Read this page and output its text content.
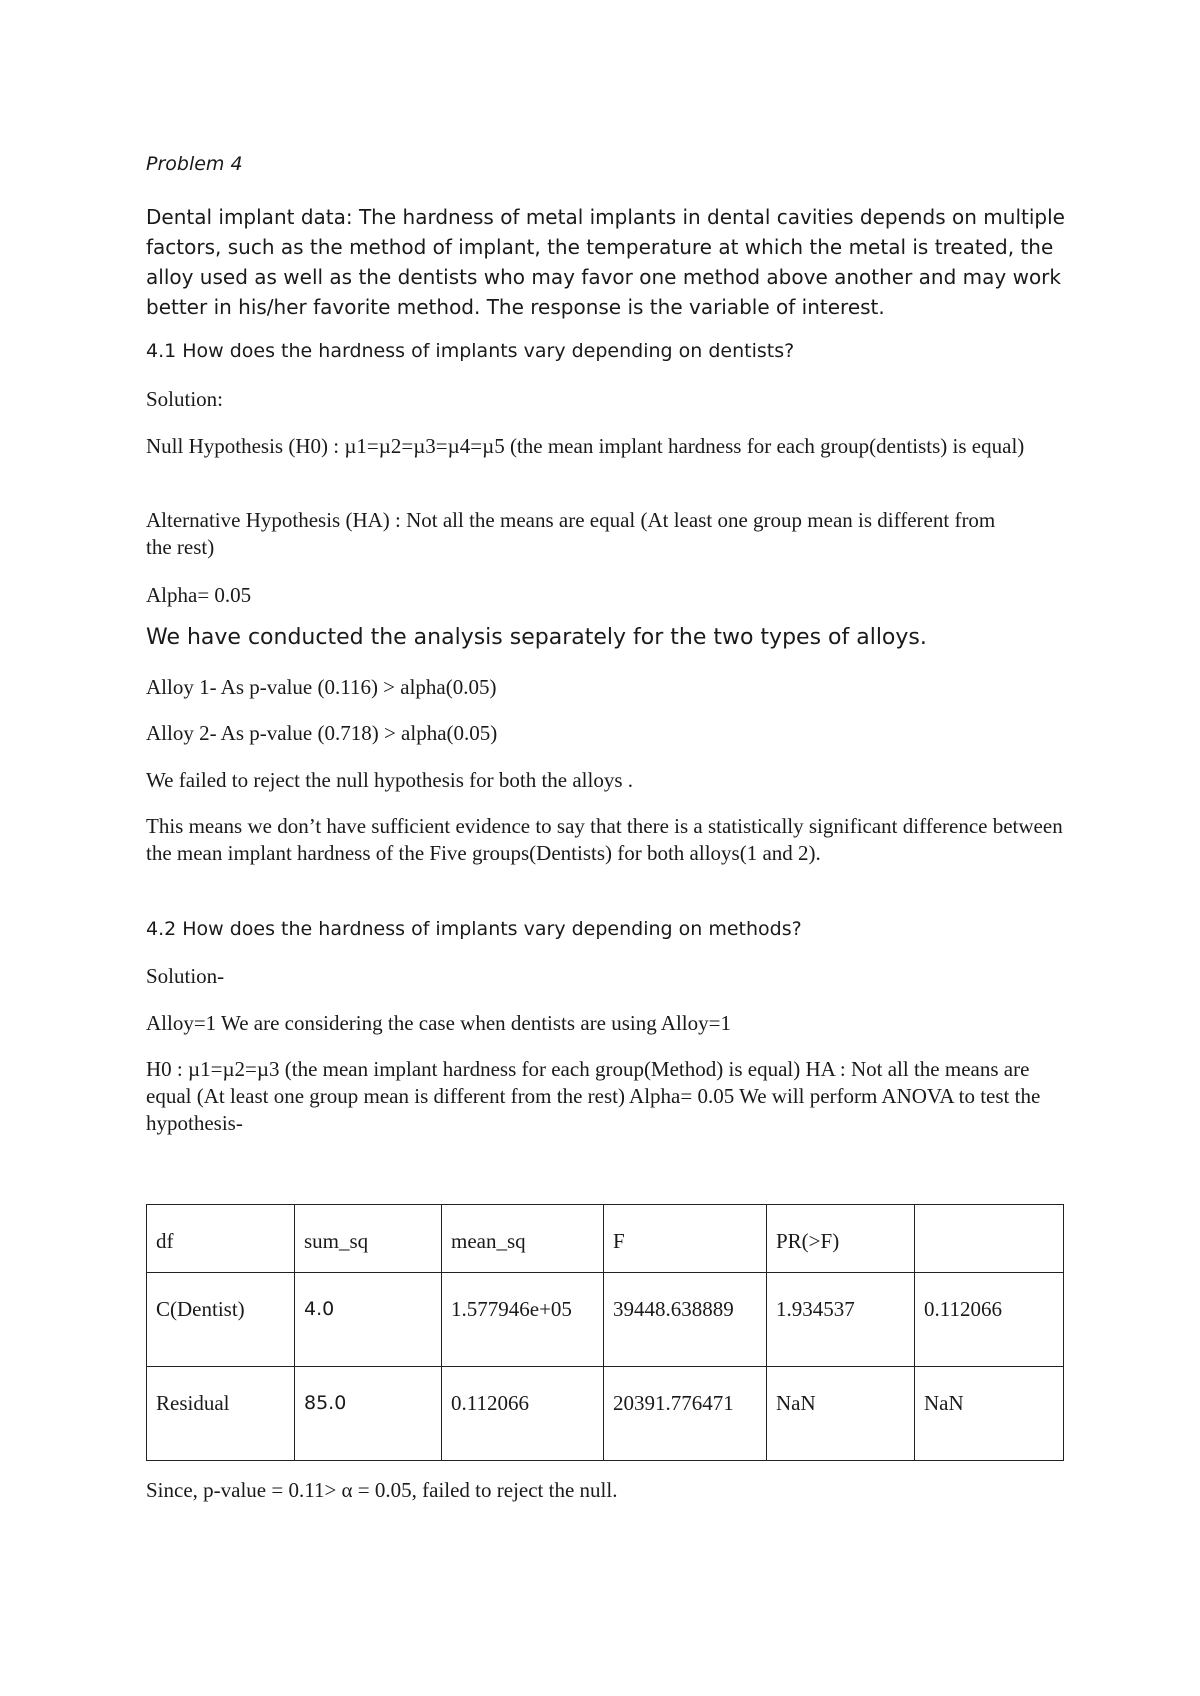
Problem 4

Dental implant data: The hardness of metal implants in dental cavities depends on multiple factors, such as the method of implant, the temperature at which the metal is treated, the alloy used as well as the dentists who may favor one method above another and may work better in his/her favorite method. The response is the variable of interest.

4.1 How does the hardness of implants vary depending on dentists?

Solution:

Null Hypothesis (H0) : µ1=µ2=µ3=µ4=µ5 (the mean implant hardness for each group(dentists) is equal)

Alternative Hypothesis (HA) : Not all the means are equal (At least one group mean is different from the rest)

Alpha= 0.05

We have conducted the analysis separately for the two types of alloys.

Alloy 1- As p-value (0.116) > alpha(0.05)

Alloy 2- As p-value (0.718) > alpha(0.05)

We failed to reject the null hypothesis for both the alloys .

This means we don’t have sufficient evidence to say that there is a statistically significant difference between the mean implant hardness of the Five groups(Dentists) for both alloys(1 and 2).

4.2 How does the hardness of implants vary depending on methods?

Solution-

Alloy=1 We are considering the case when dentists are using Alloy=1

H0 : µ1=µ2=µ3 (the mean implant hardness for each group(Method) is equal) HA : Not all the means are equal (At least one group mean is different from the rest) Alpha= 0.05 We will perform ANOVA to test the hypothesis-

df	sum_sq	mean_sq	F	PR(>F)	
C(Dentist)	4.0	1.577946e+05	39448.638889	1.934537	0.112066
Residual	85.0	0.112066	20391.776471	NaN	NaN

Since, p-value = 0.11> α = 0.05, failed to reject the null.
